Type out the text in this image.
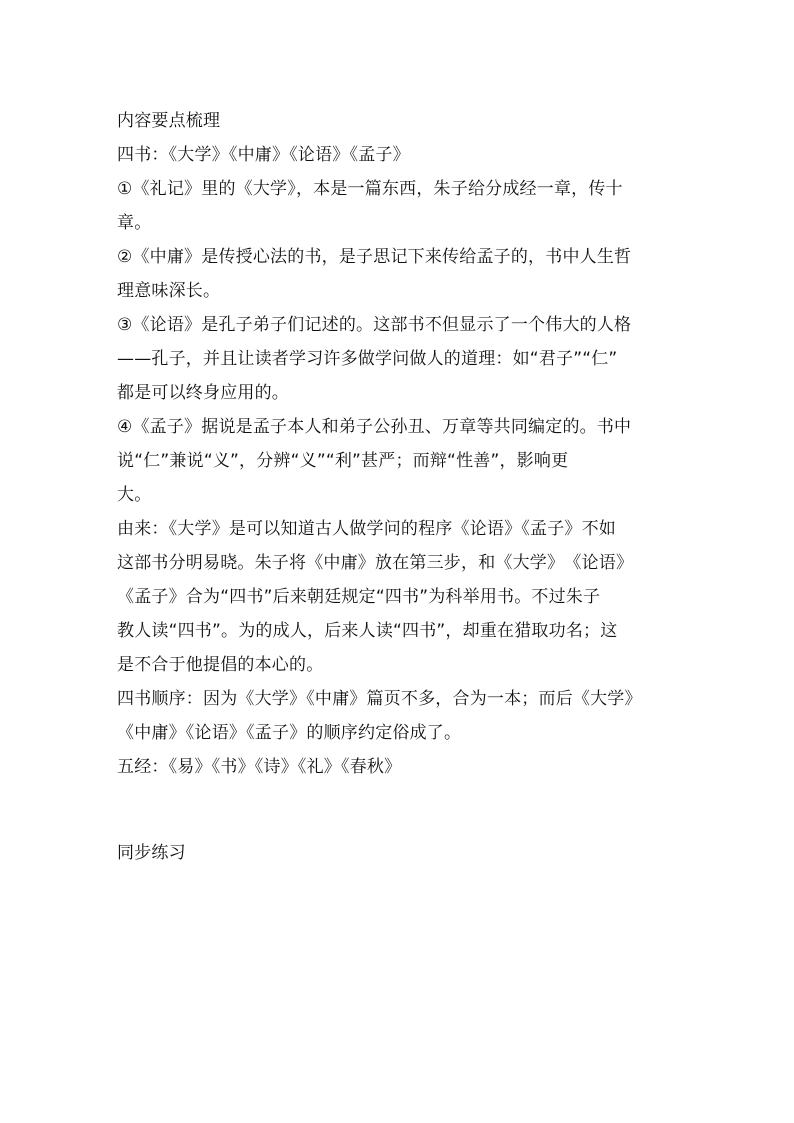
内容要点梳理
四书：《大学》《中庸》《论语》《孟子》
①《礼记》里的《大学》，本是一篇东西，朱子给分成经一章，传十
章。
②《中庸》是传授心法的书，是子思记下来传给孟子的，书中人生哲
理意味深长。
③《论语》是孔子弟子们记述的。这部书不但显示了一个伟大的人格
——孔子，并且让读者学习许多做学问做人的道理：如“君子”“仁”
都是可以终身应用的。
④《孟子》据说是孟子本人和弟子公孙丑、万章等共同编定的。书中
说“仁”兼说“义”，分辨“义”“利”甚严；而辩“性善”，影响更
大。
由来：《大学》是可以知道古人做学问的程序《论语》《孟子》不如
这部书分明易晓。朱子将《中庸》放在第三步，和《大学》　《论语》
《孟子》合为“四书”后来朝廷规定“四书”为科举用书。不过朱子
教人读“四书”。为的成人，后来人读“四书”，却重在猎取功名；这
是不合于他提倡的本心的。
四书顺序：因为《大学》《中庸》篇页不多，合为一本；而后《大学》
《中庸》《论语》《孟子》的顺序约定俗成了。
五经：《易》《书》《诗》《礼》《春秋》
同步练习
